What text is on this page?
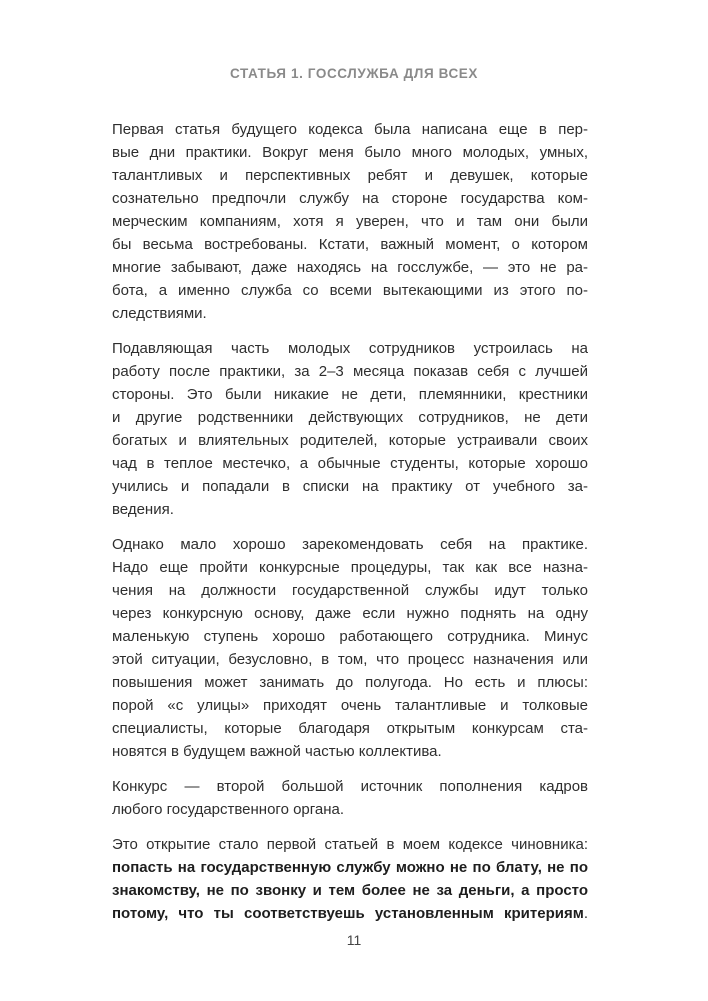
СТАТЬЯ 1. ГОССЛУЖБА ДЛЯ ВСЕХ
Первая статья будущего кодекса была написана еще в пер-
вые дни практики. Вокруг меня было много молодых, умных,
талантливых и перспективных ребят и девушек, которые
сознательно предпочли службу на стороне государства ком-
мерческим компаниям, хотя я уверен, что и там они были
бы весьма востребованы. Кстати, важный момент, о котором
многие забывают, даже находясь на госслужбе, — это не ра-
бота, а именно служба со всеми вытекающими из этого по-
следствиями.
Подавляющая часть молодых сотрудников устроилась на
работу после практики, за 2–3 месяца показав себя с лучшей
стороны. Это были никакие не дети, племянники, крестники
и другие родственники действующих сотрудников, не дети
богатых и влиятельных родителей, которые устраивали своих
чад в теплое местечко, а обычные студенты, которые хорошо
учились и попадали в списки на практику от учебного за-
ведения.
Однако мало хорошо зарекомендовать себя на практике.
Надо еще пройти конкурсные процедуры, так как все назна-
чения на должности государственной службы идут только
через конкурсную основу, даже если нужно поднять на одну
маленькую ступень хорошо работающего сотрудника. Минус
этой ситуации, безусловно, в том, что процесс назначения или
повышения может занимать до полугода. Но есть и плюсы:
порой «с улицы» приходят очень талантливые и толковые
специалисты, которые благодаря открытым конкурсам ста-
новятся в будущем важной частью коллектива.
Конкурс — второй большой источник пополнения кадров
любого государственного органа.
Это открытие стало первой статьей в моем кодексе чиновника:
попасть на государственную службу можно не по блату, не по
знакомству, не по звонку и тем более не за деньги, а просто
потому, что ты соответствуешь установленным критериям.
11
